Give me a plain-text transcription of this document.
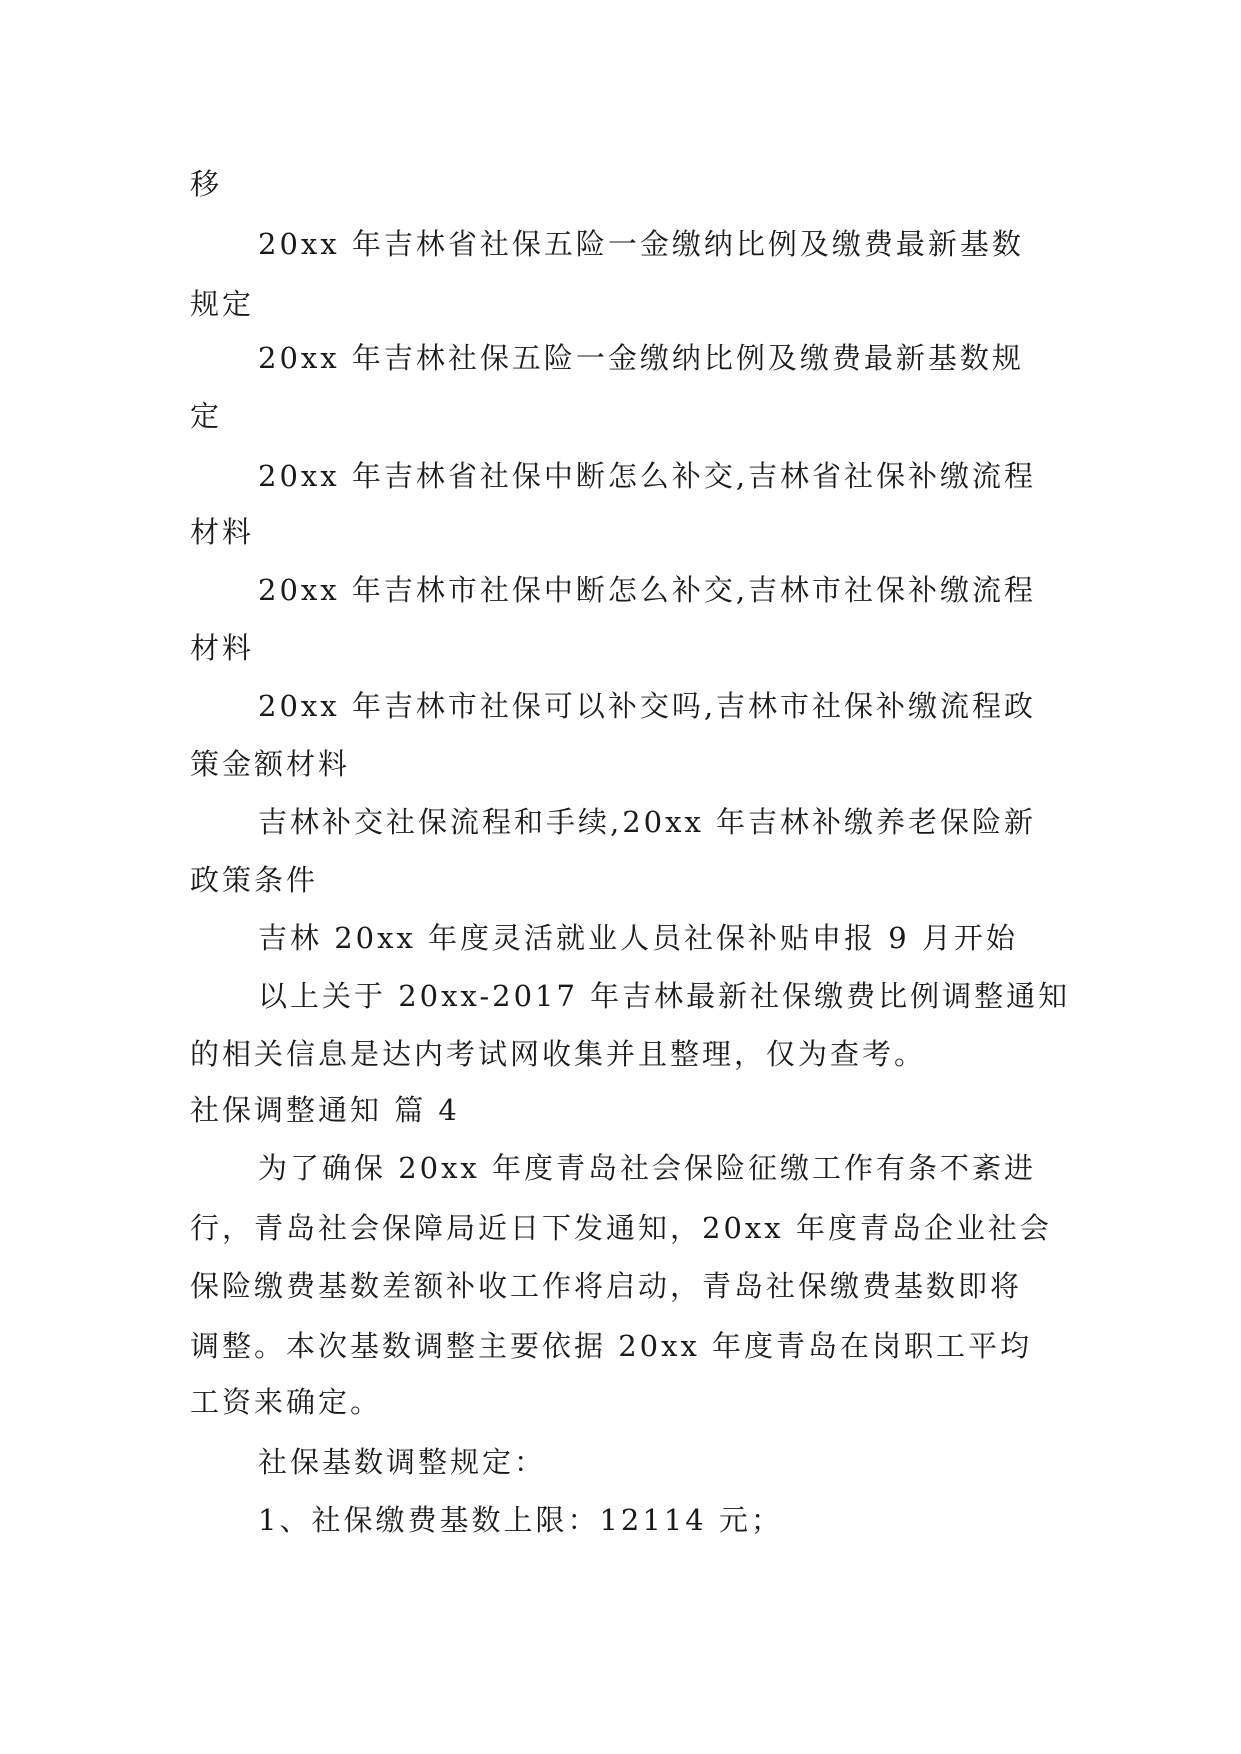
移
20xx 年吉林省社保五险一金缴纳比例及缴费最新基数
规定
20xx 年吉林社保五险一金缴纳比例及缴费最新基数规
定
20xx 年吉林省社保中断怎么补交,吉林省社保补缴流程
材料
20xx 年吉林市社保中断怎么补交,吉林市社保补缴流程
材料
20xx 年吉林市社保可以补交吗,吉林市社保补缴流程政
策金额材料
吉林补交社保流程和手续,20xx 年吉林补缴养老保险新
政策条件
吉林 20xx 年度灵活就业人员社保补贴申报 9 月开始
以上关于 20xx-2017 年吉林最新社保缴费比例调整通知
的相关信息是达内考试网收集并且整理，仅为查考。
社保调整通知 篇 4
为了确保 20xx 年度青岛社会保险征缴工作有条不紊进
行，青岛社会保障局近日下发通知，20xx 年度青岛企业社会
保险缴费基数差额补收工作将启动，青岛社保缴费基数即将
调整。本次基数调整主要依据 20xx 年度青岛在岗职工平均
工资来确定。
社保基数调整规定：
1、社保缴费基数上限：12114 元；
